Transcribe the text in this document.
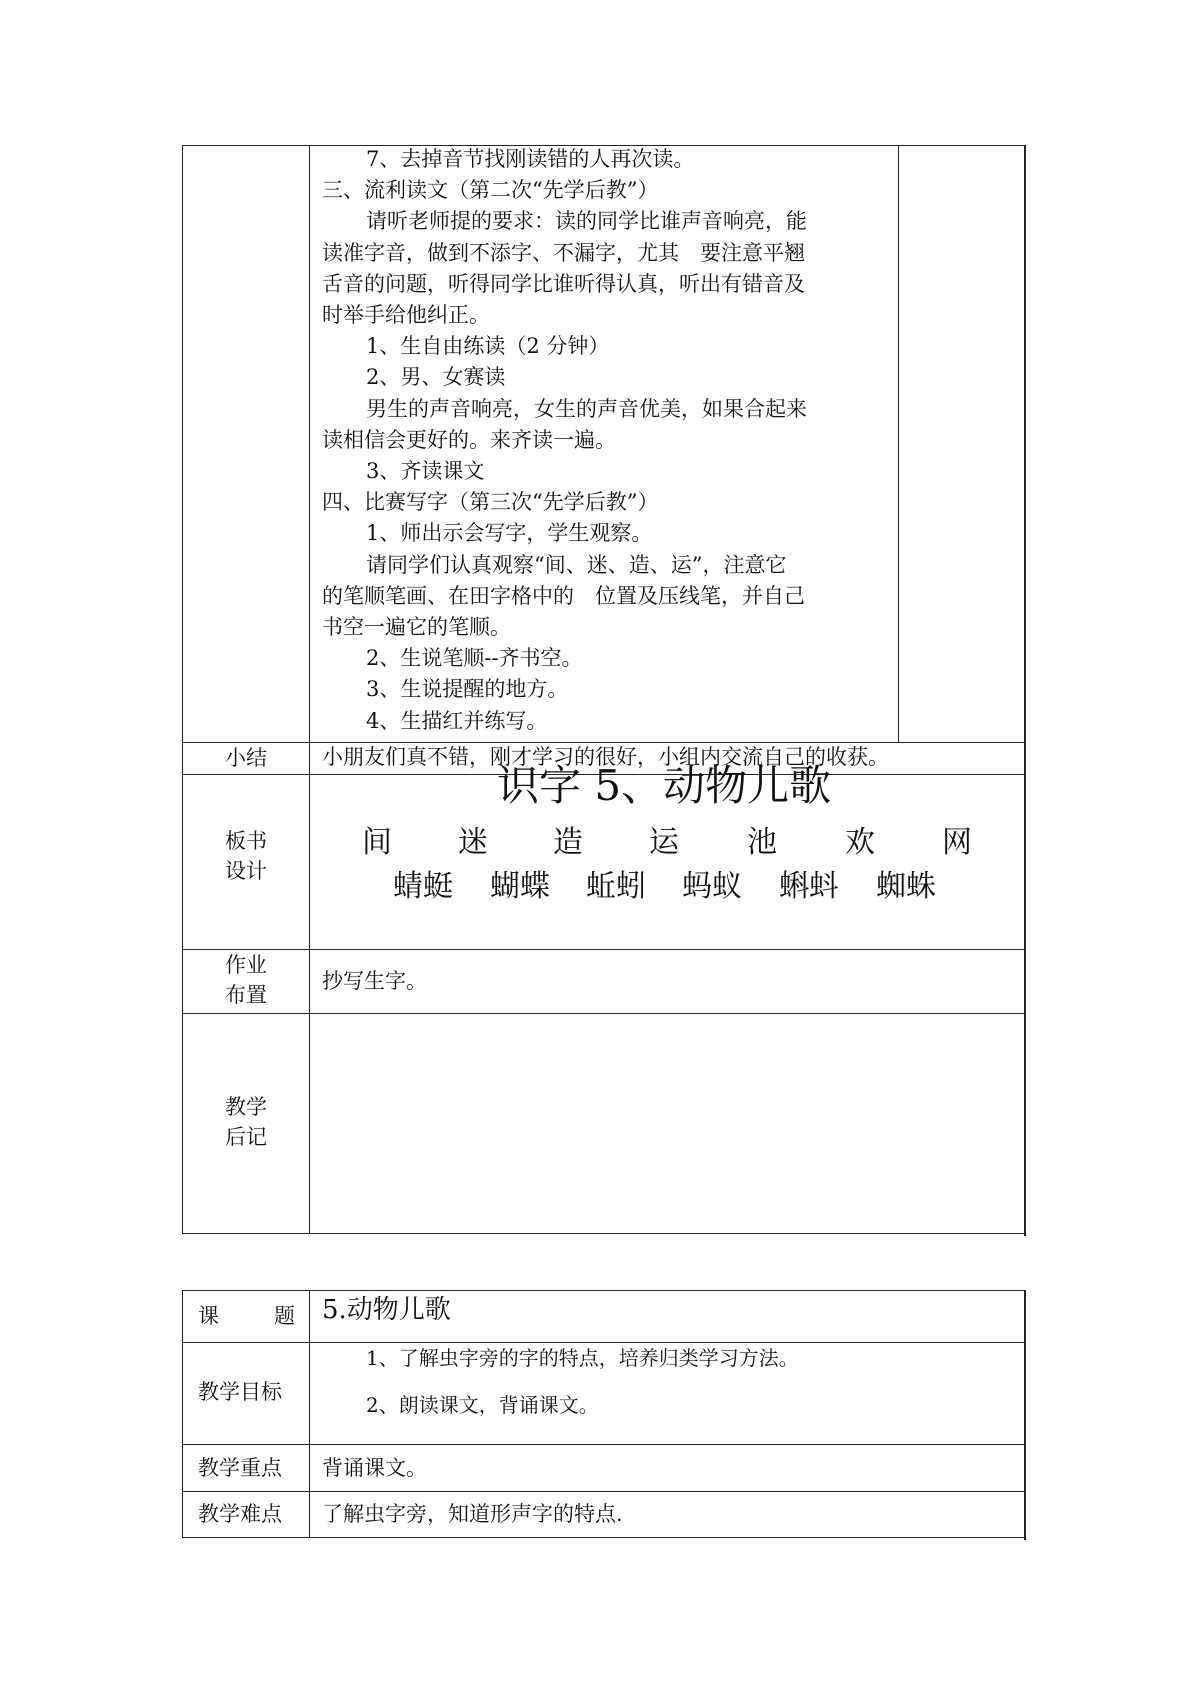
7、去掉音节找刚读错的人再次读。

三、流利读文（第二次“先学后教”）

请听老师提的要求：读的同学比谁声音响亮，能

读准字音，做到不添字、不漏字，尤其　要注意平翘

舌音的问题，听得同学比谁听得认真，听出有错音及

时举手给他纠正。

1、生自由练读（2 分钟）

2、男、女赛读

男生的声音响亮，女生的声音优美，如果合起来

读相信会更好的。来齐读一遍。

3、齐读课文

四、比赛写字（第三次“先学后教”）

1、师出示会写字，学生观察。

请同学们认真观察“间、迷、造、运”，注意它

的笔顺笔画、在田字格中的　位置及压线笔，并自己

书空一遍它的笔顺。

2、生说笔顺--齐书空。

3、生说提醒的地方。

4、生描红并练写。

小结	小朋友们真不错，刚才学习的很好，小组内交流自己的收获。
板书
设计
识字 5、动物儿歌
间 迷 造 运 池 欢 网
蜻蜓 蝴蝶 蚯蚓 蚂蚁 蝌蚪 蜘蛛
作业
布置
抄写生字。
教学
后记
课	题 5.动物儿歌
教学目标
1、了解虫字旁的字的特点，培养归类学习方法。
2、朗读课文，背诵课文。
教学重点 背诵课文。
教学难点 了解虫字旁，知道形声字的特点.
